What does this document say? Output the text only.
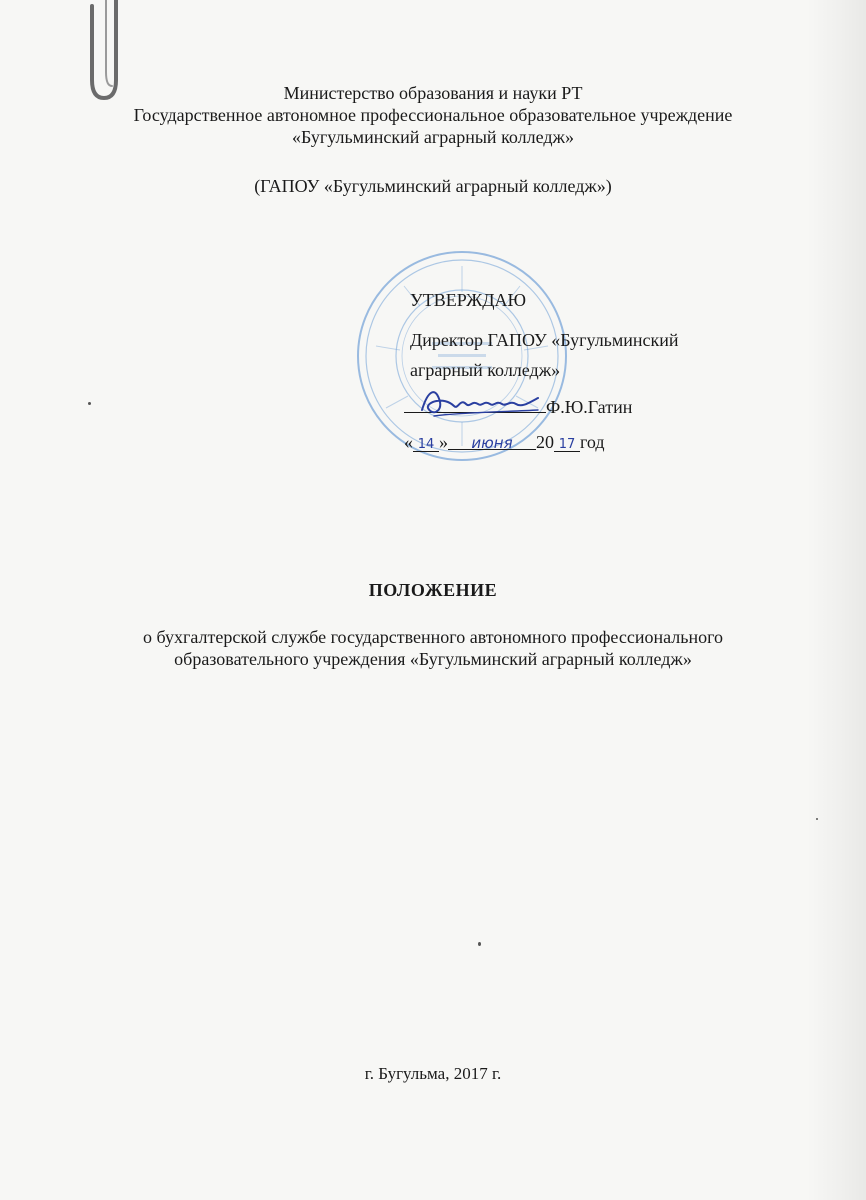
Министерство образования и науки РТ
Государственное автономное профессиональное образовательное учреждение
«Бугульминский аграрный колледж»
(ГАПОУ «Бугульминский аграрный колледж»)
УТВЕРЖДАЮ
Директор ГАПОУ «Бугульминский
аграрный колледж»
Ф.Ю.Гатин
« 14 » июня 20 17 год
ПОЛОЖЕНИЕ
о бухгалтерской службе государственного автономного профессионального
образовательного учреждения «Бугульминский аграрный колледж»
г. Бугульма, 2017 г.
